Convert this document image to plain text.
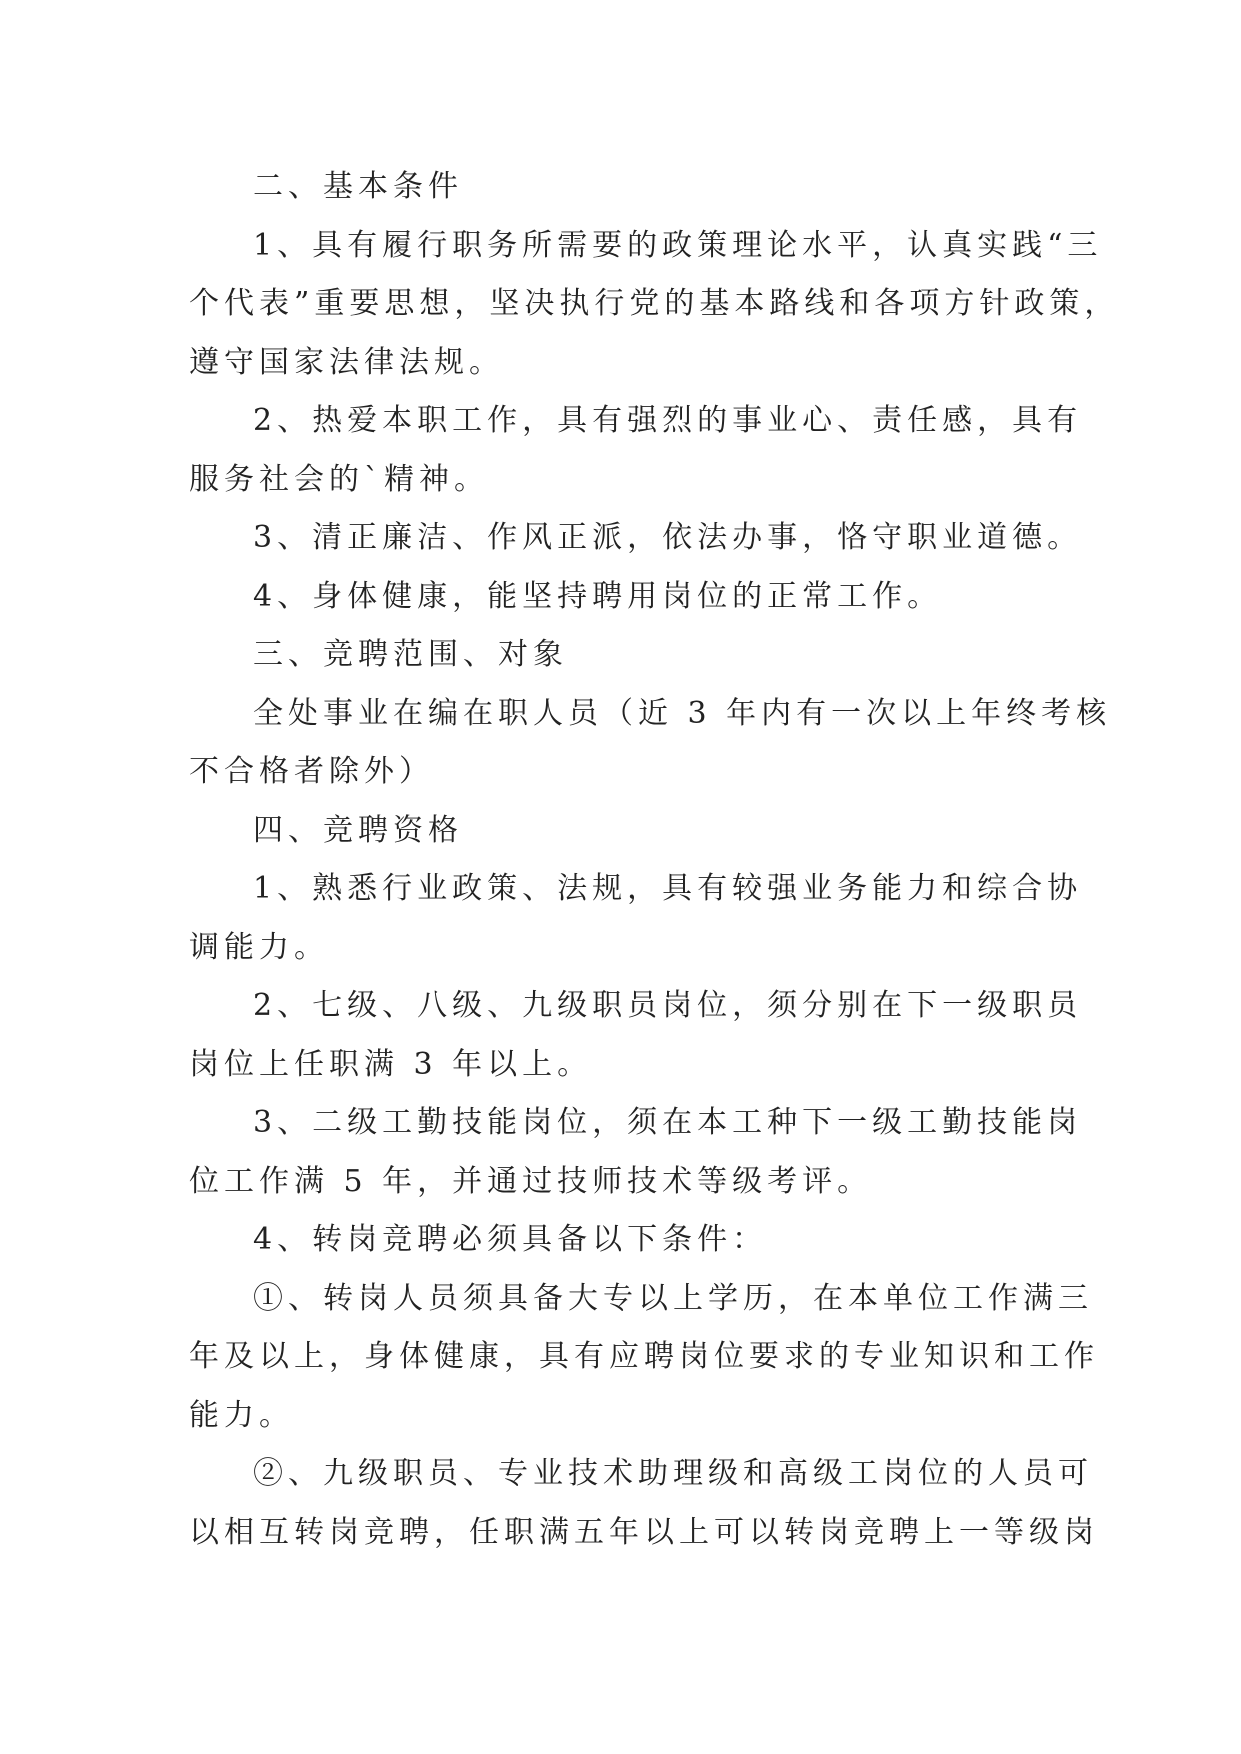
二、基本条件
1、具有履行职务所需要的政策理论水平，认真实践“三
个代表”重要思想，坚决执行党的基本路线和各项方针政策，
遵守国家法律法规。
2、热爱本职工作，具有强烈的事业心、责任感，具有
服务社会的`精神。
3、清正廉洁、作风正派，依法办事，恪守职业道德。
4、身体健康，能坚持聘用岗位的正常工作。
三、竞聘范围、对象
全处事业在编在职人员（近 3 年内有一次以上年终考核
不合格者除外）
四、竞聘资格
1、熟悉行业政策、法规，具有较强业务能力和综合协
调能力。
2、七级、八级、九级职员岗位，须分别在下一级职员
岗位上任职满 3 年以上。
3、二级工勤技能岗位，须在本工种下一级工勤技能岗
位工作满 5 年，并通过技师技术等级考评。
4、转岗竞聘必须具备以下条件：
①、转岗人员须具备大专以上学历，在本单位工作满三
年及以上，身体健康，具有应聘岗位要求的专业知识和工作
能力。
②、九级职员、专业技术助理级和高级工岗位的人员可
以相互转岗竞聘，任职满五年以上可以转岗竞聘上一等级岗
